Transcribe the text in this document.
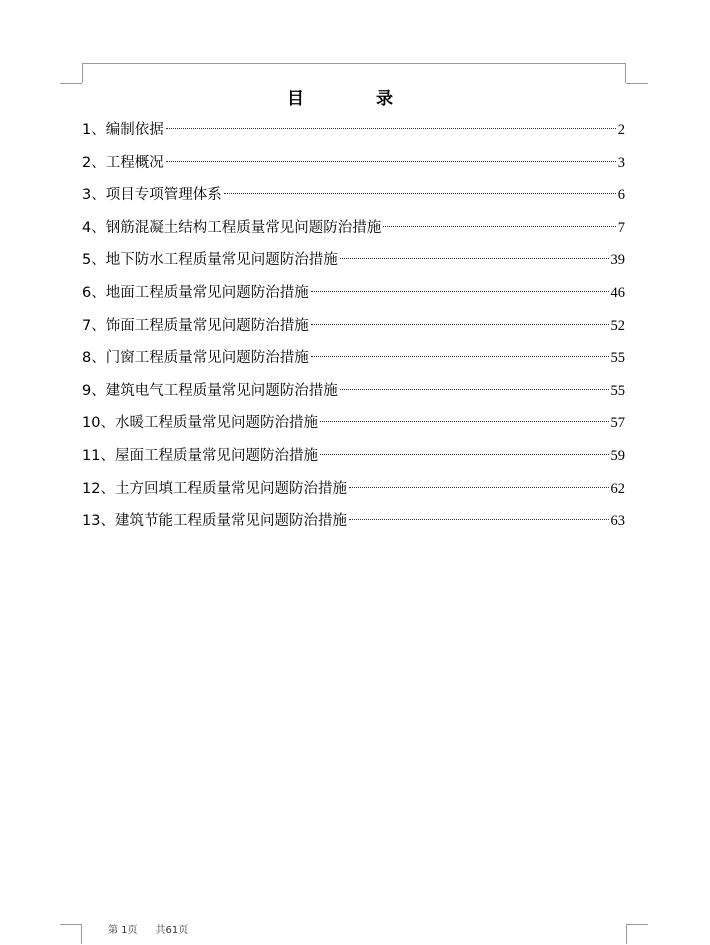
目	录
1、编制依据	2
2、工程概况	3
3、项目专项管理体系	6
4、钢筋混凝土结构工程质量常见问题防治措施	7
5、地下防水工程质量常见问题防治措施	39
6、地面工程质量常见问题防治措施	46
7、饰面工程质量常见问题防治措施	52
8、门窗工程质量常见问题防治措施	55
9、建筑电气工程质量常见问题防治措施	55
10、水暖工程质量常见问题防治措施	57
11、屋面工程质量常见问题防治措施	59
12、土方回填工程质量常见问题防治措施	62
13、建筑节能工程质量常见问题防治措施	63
第 1页 共61页
